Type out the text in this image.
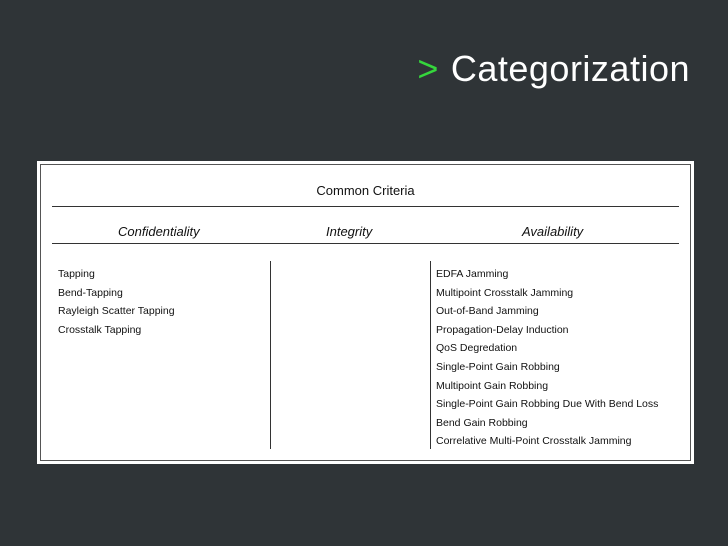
> Categorization
Common Criteria
Confidentiality	Integrity	Availability
Tapping
Bend-Tapping
Rayleigh Scatter Tapping
Crosstalk Tapping
EDFA Jamming
Multipoint Crosstalk Jamming
Out-of-Band Jamming
Propagation-Delay Induction
QoS Degredation
Single-Point Gain Robbing
Multipoint Gain Robbing
Single-Point Gain Robbing Due With Bend Loss
Bend Gain Robbing
Correlative Multi-Point Crosstalk Jamming
